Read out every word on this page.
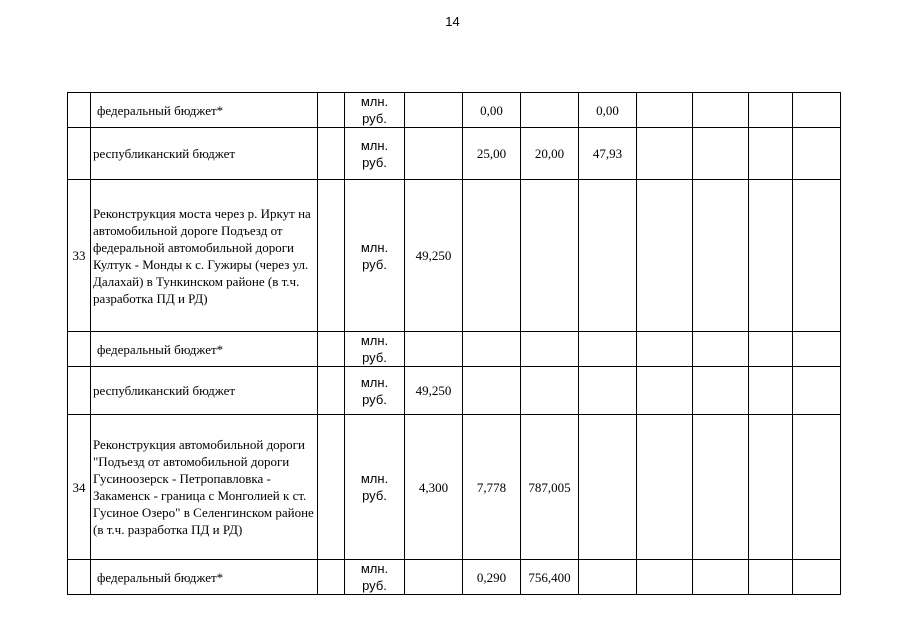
14
	федеральный бюджет*		млн. руб.		0,00		0,00				
	республиканский бюджет		млн. руб.		25,00	20,00	47,93				
33	Реконструкция моста через р. Иркут на автомобильной дороге Подъезд от федеральной автомобильной дороги Култук - Монды к с. Гужиры (через ул. Далахай) в Тункинском районе (в т.ч. разработка ПД и РД)		млн. руб.	49,250							
	федеральный бюджет*		млн. руб.								
	республиканский бюджет		млн. руб.	49,250							
34	Реконструкция автомобильной дороги "Подъезд от автомобильной дороги Гусиноозерск - Петропавловка - Закаменск - граница с Монголией к ст. Гусиное Озеро" в Селенгинском районе (в т.ч. разработка ПД и РД)		млн. руб.	4,300	7,778	787,005					
	федеральный бюджет*		млн. руб.		0,290	756,400					
